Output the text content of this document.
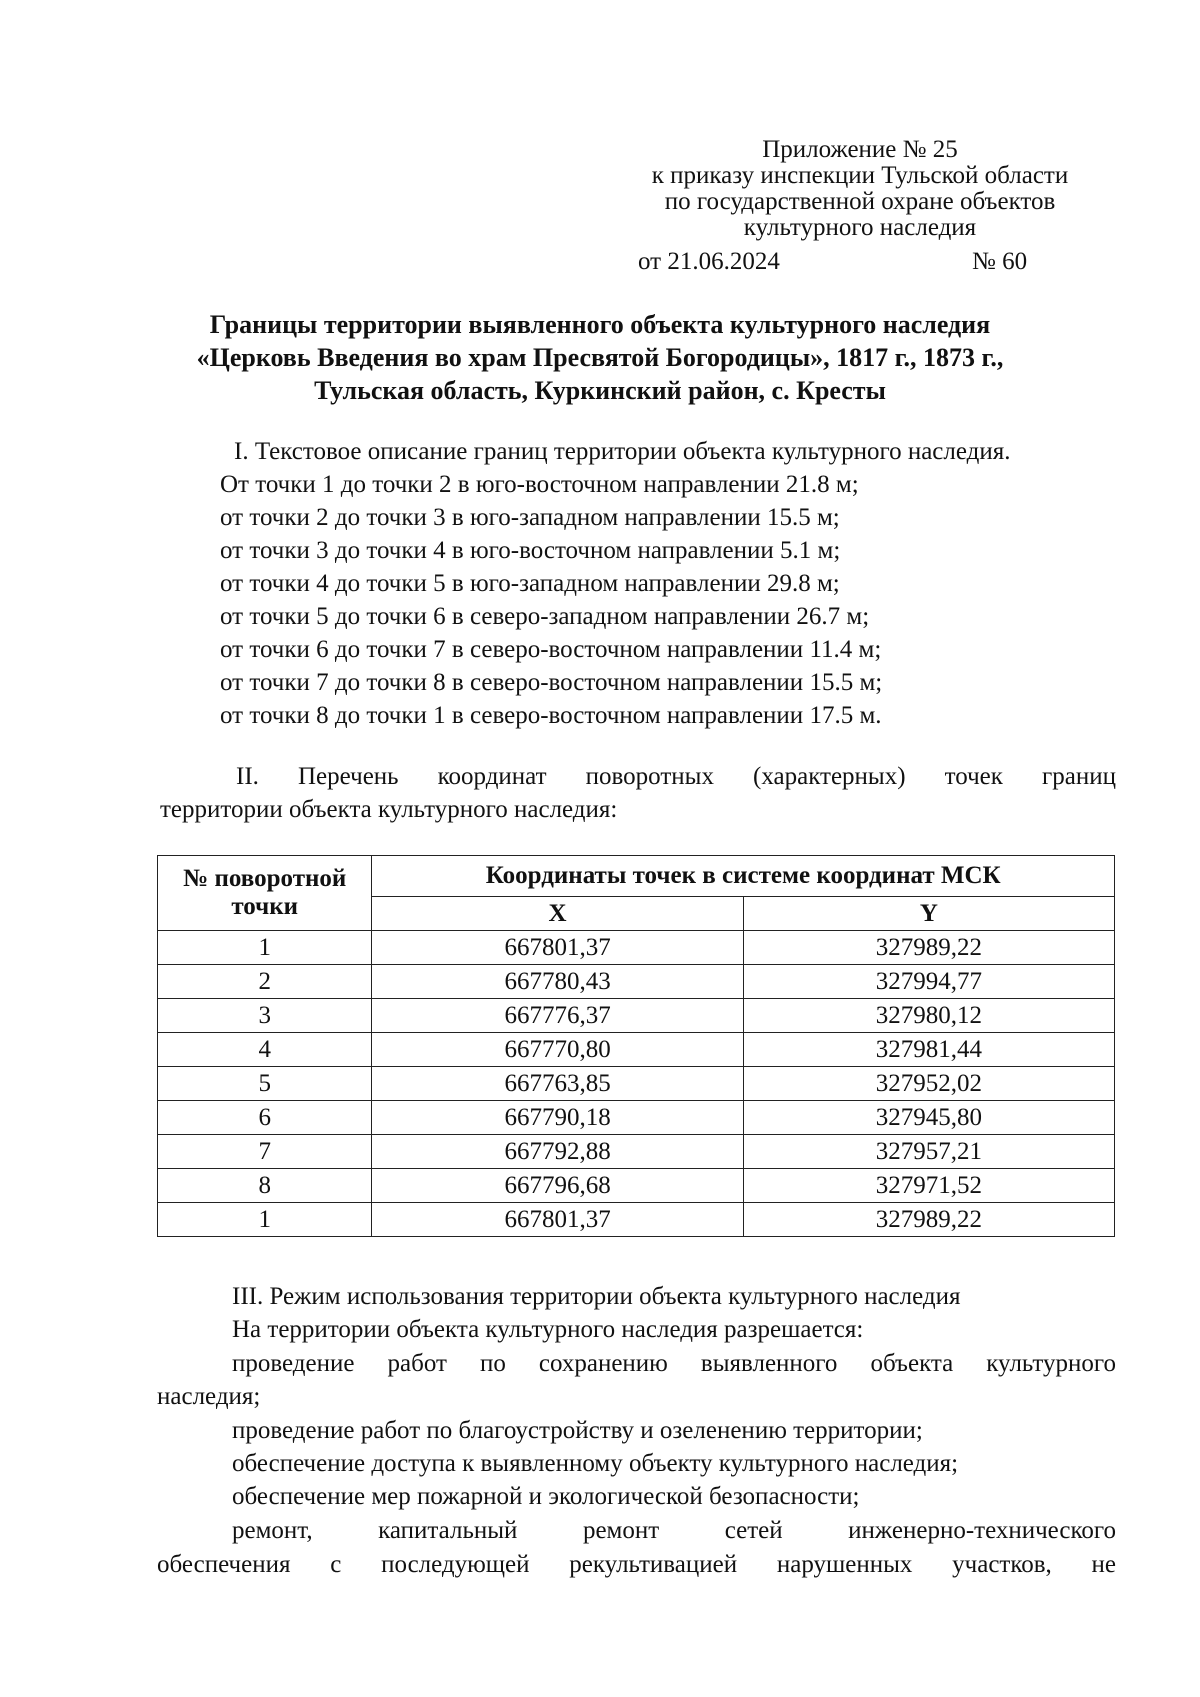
Приложение № 25
к приказу инспекции Тульской области
по государственной охране объектов
культурного наследия
от 21.06.2024	№ 60
Границы территории выявленного объекта культурного наследия
«Церковь Введения во храм Пресвятой Богородицы», 1817 г., 1873 г.,
Тульская область, Куркинский район, с. Кресты
I. Текстовое описание границ территории объекта культурного наследия.
От точки 1 до точки 2 в юго-восточном направлении 21.8 м;
от точки 2 до точки 3 в юго-западном направлении 15.5 м;
от точки 3 до точки 4 в юго-восточном направлении 5.1 м;
от точки 4 до точки 5 в юго-западном направлении 29.8 м;
от точки 5 до точки 6 в северо-западном направлении 26.7 м;
от точки 6 до точки 7 в северо-восточном направлении 11.4 м;
от точки 7 до точки 8 в северо-восточном направлении 15.5 м;
от точки 8 до точки 1 в северо-восточном направлении 17.5 м.
II. Перечень координат поворотных (характерных) точек границ
территории объекта культурного наследия:
№ поворотной
точки	Координаты точек в системе координат МСК	
	X	Y
1	667801,37	327989,22
2	667780,43	327994,77
3	667776,37	327980,12
4	667770,80	327981,44
5	667763,85	327952,02
6	667790,18	327945,80
7	667792,88	327957,21
8	667796,68	327971,52
1	667801,37	327989,22
III. Режим использования территории объекта культурного наследия
На территории объекта культурного наследия разрешается:
проведение работ по сохранению выявленного объекта культурного
наследия;
проведение работ по благоустройству и озеленению территории;
обеспечение доступа к выявленному объекту культурного наследия;
обеспечение мер пожарной и экологической безопасности;
ремонт, капитальный ремонт сетей инженерно-технического
обеспечения с последующей рекультивацией нарушенных участков, не
